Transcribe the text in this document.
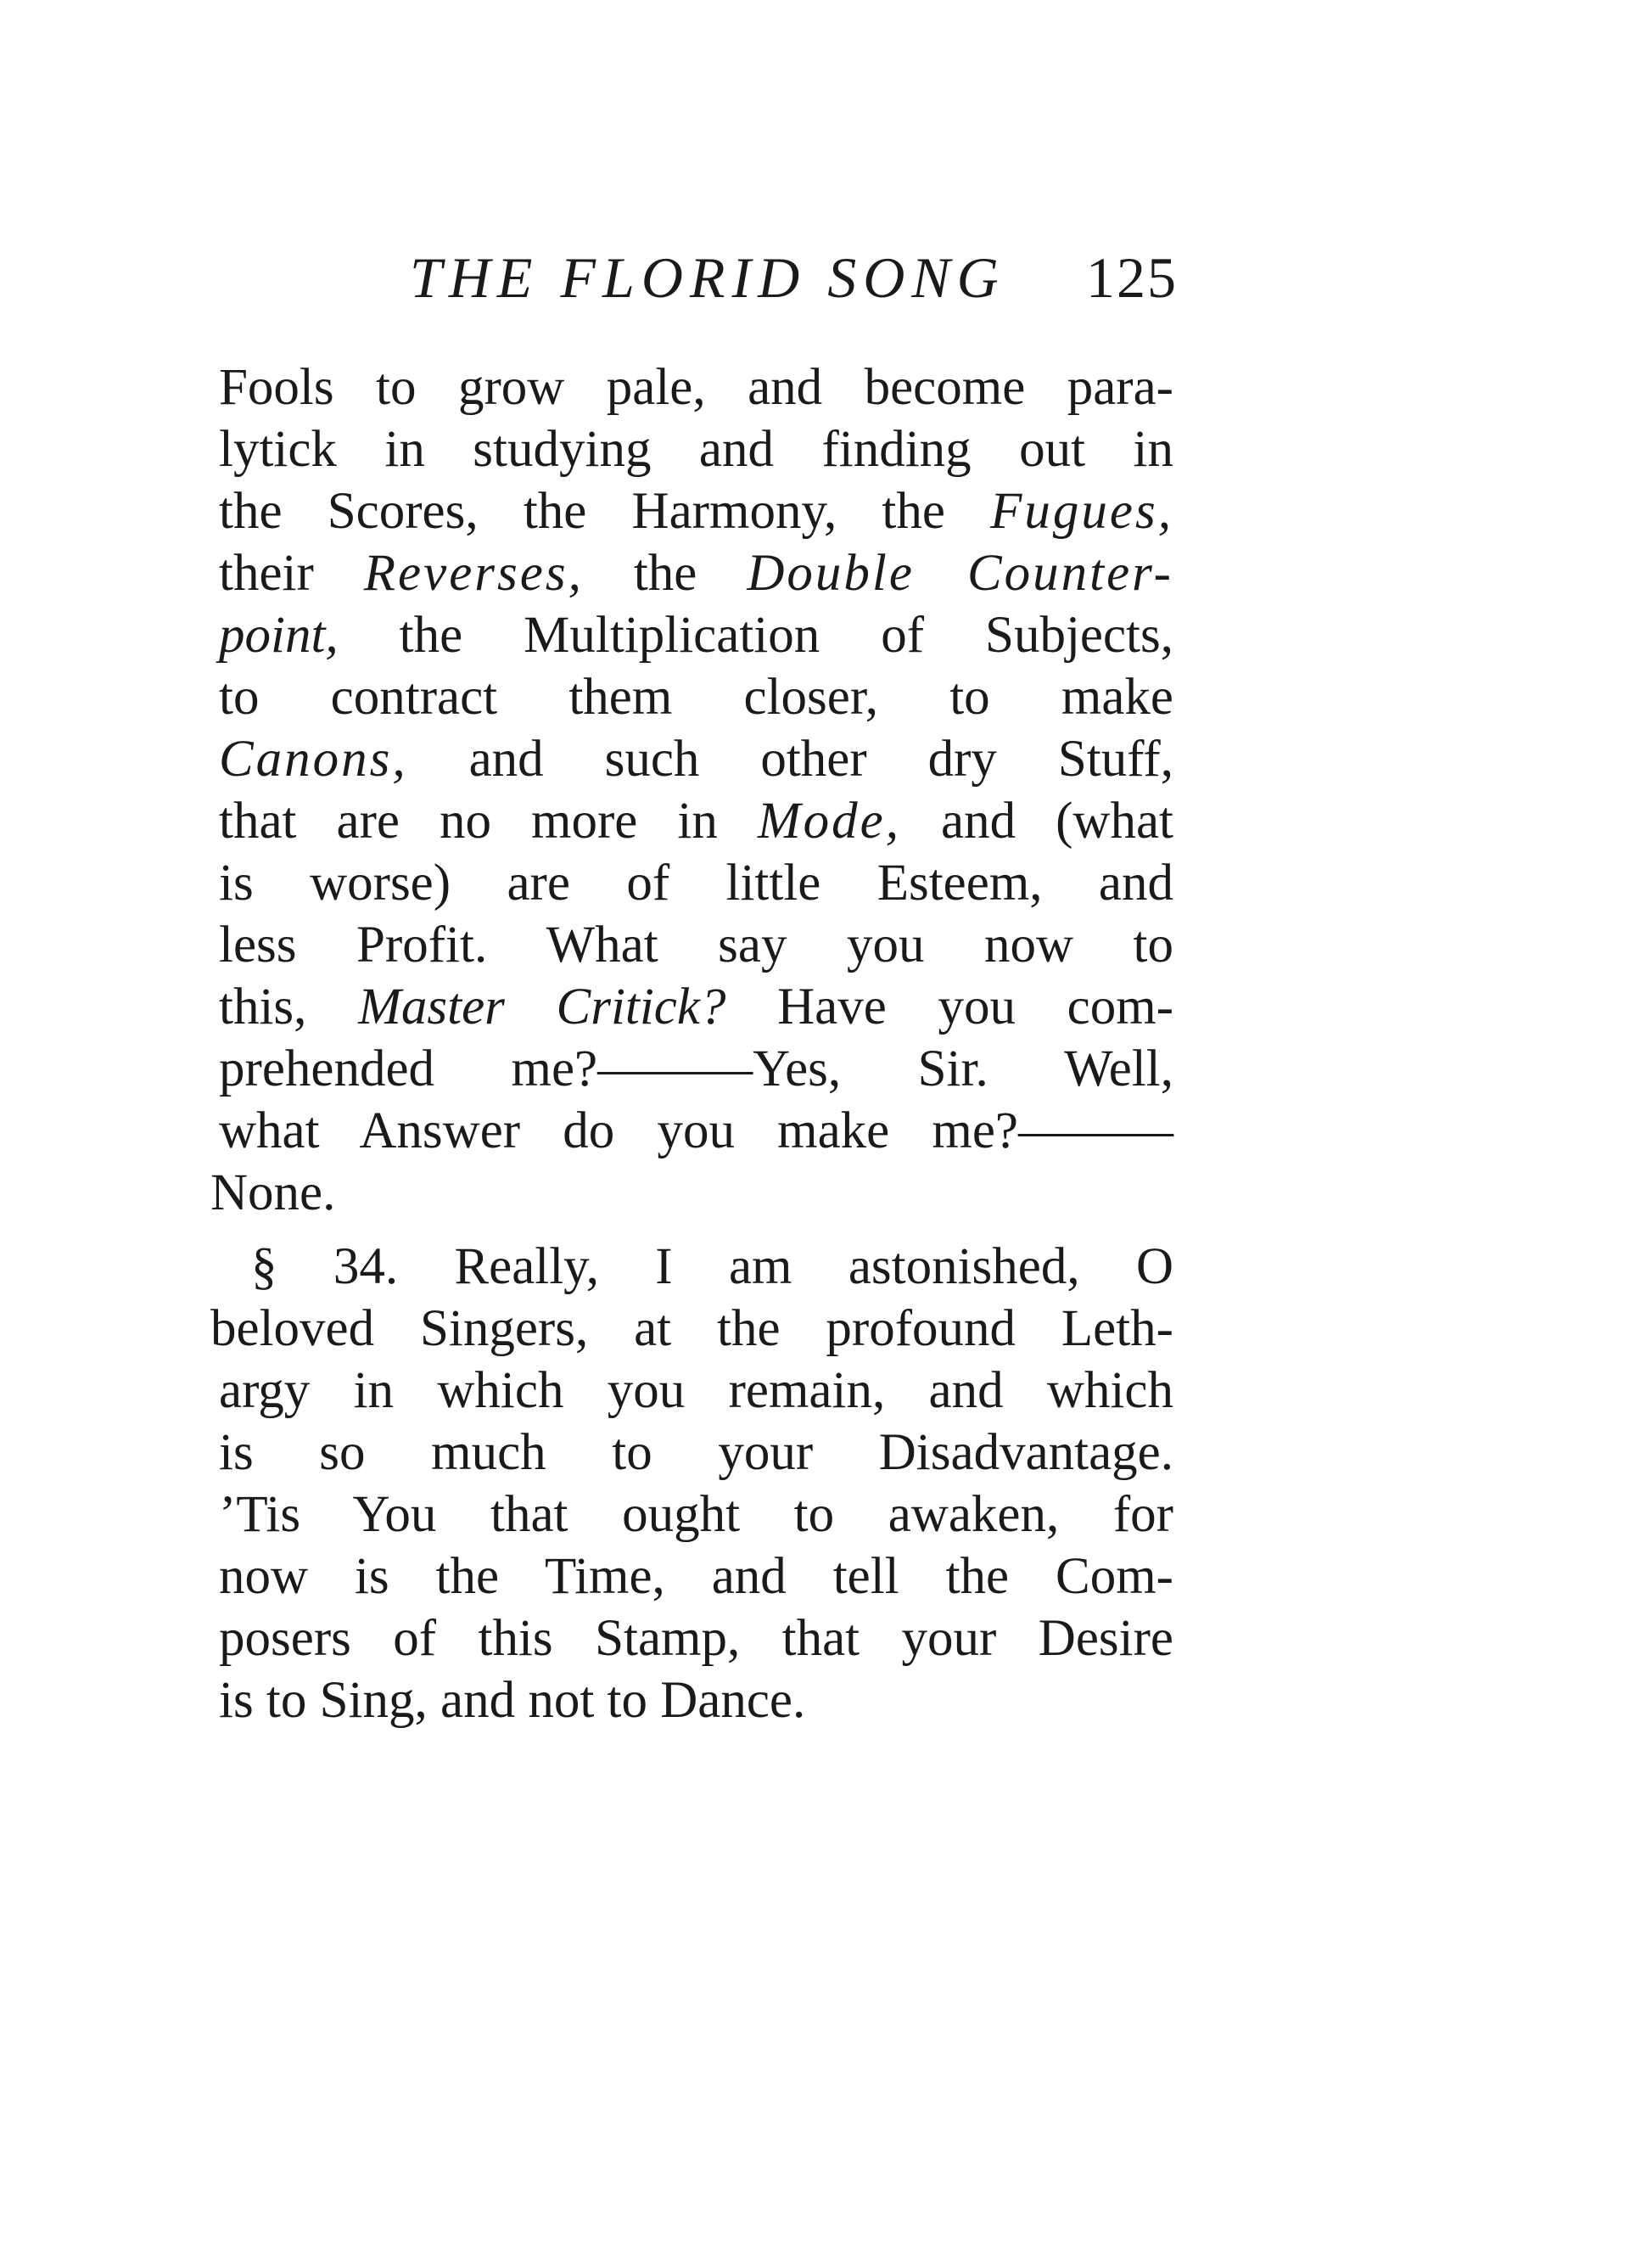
THE FLORID SONG 125
Fools to grow pale, and become para-
lytick in studying and finding out in
the Scores, the Harmony, the Fugues,
their Reverses, the Double Counter-
point, the Multiplication of Subjects,
to contract them closer, to make
Canons, and such other dry Stuff,
that are no more in Mode, and (what
is worse) are of little Esteem, and
less Profit. What say you now to
this, Master Critick? Have you com-
prehended me?———Yes, Sir. Well,
what Answer do you make me?———
None.
§ 34. Really, I am astonished, O
beloved Singers, at the profound Leth-
argy in which you remain, and which
is so much to your Disadvantage.
’Tis You that ought to awaken, for
now is the Time, and tell the Com-
posers of this Stamp, that your Desire
is to Sing, and not to Dance.
